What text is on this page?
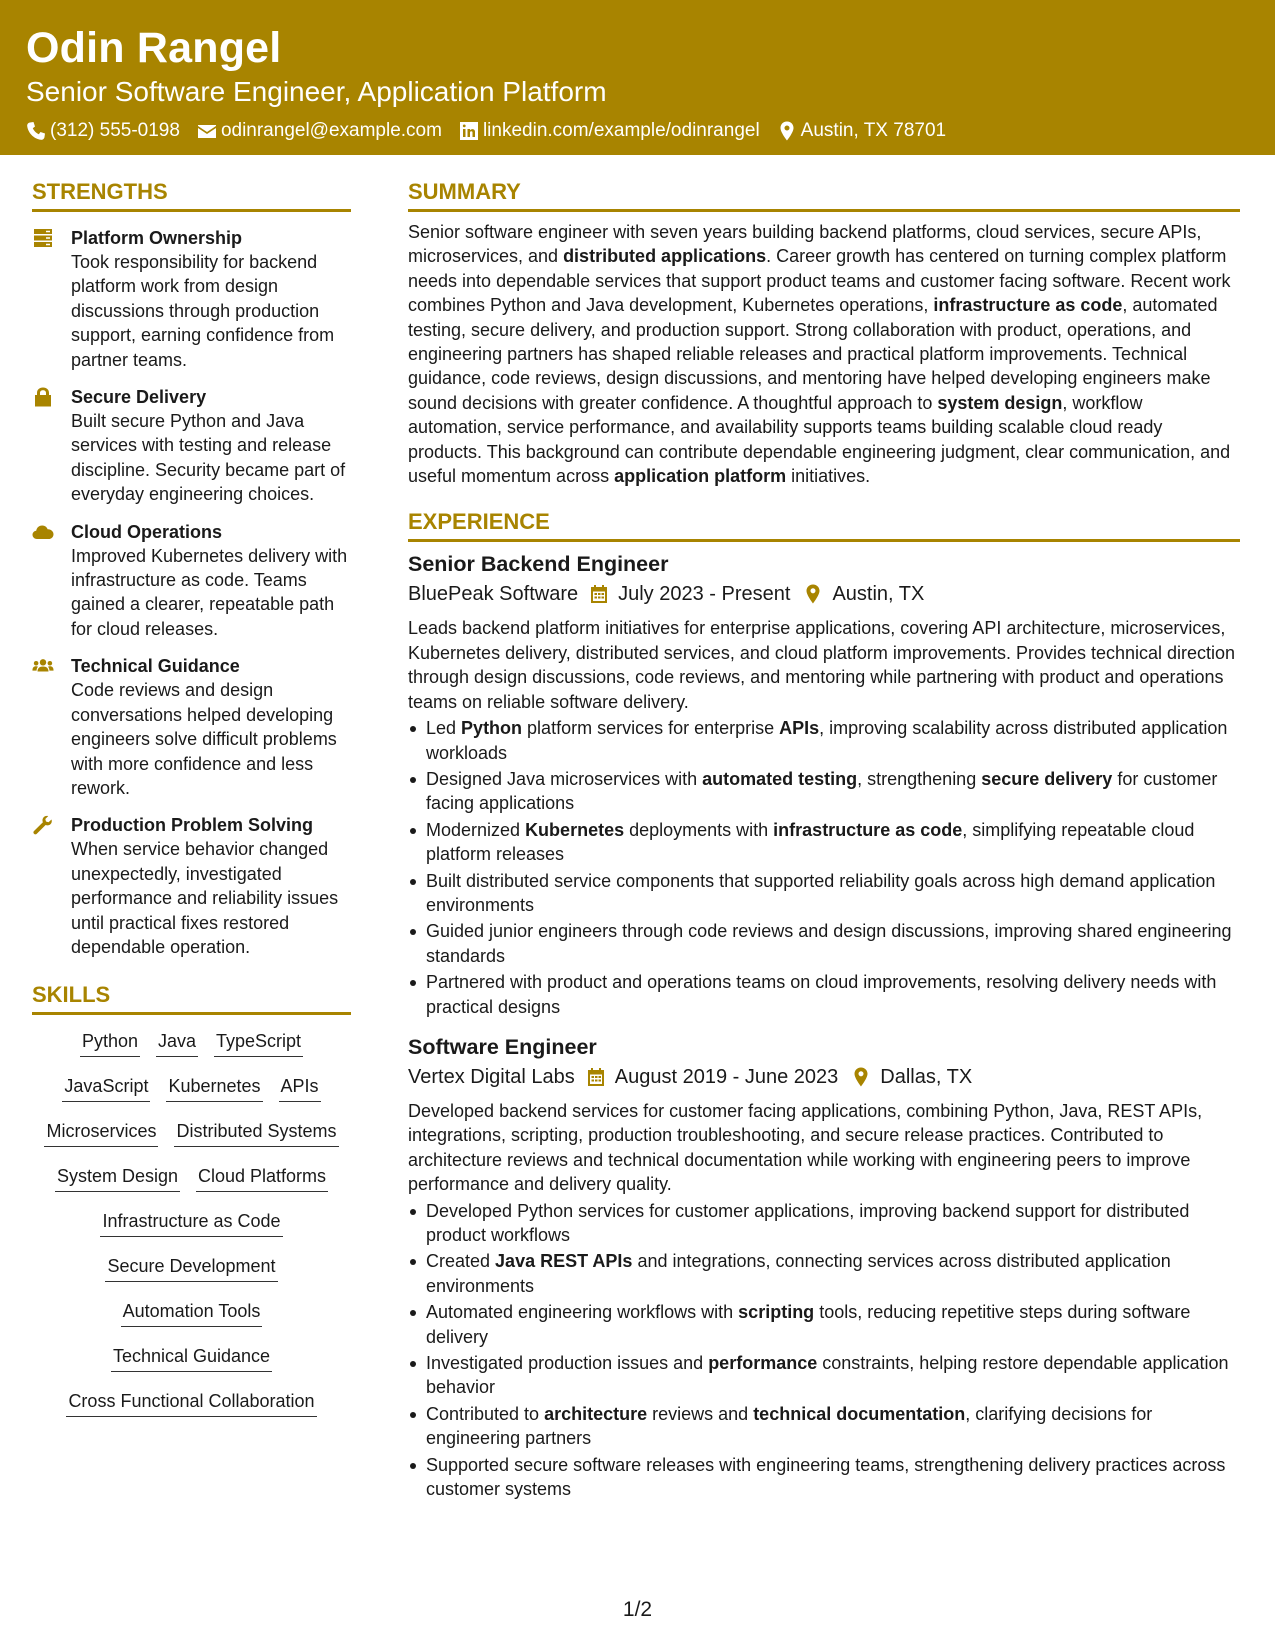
Odin Rangel
Senior Software Engineer, Application Platform
(312) 555-0198 odinrangel@example.com linkedin.com/example/odinrangel Austin, TX 78701
STRENGTHS
Platform Ownership
Took responsibility for backend platform work from design discussions through production support, earning confidence from partner teams.
Secure Delivery
Built secure Python and Java services with testing and release discipline. Security became part of everyday engineering choices.
Cloud Operations
Improved Kubernetes delivery with infrastructure as code. Teams gained a clearer, repeatable path for cloud releases.
Technical Guidance
Code reviews and design conversations helped developing engineers solve difficult problems with more confidence and less rework.
Production Problem Solving
When service behavior changed unexpectedly, investigated performance and reliability issues until practical fixes restored dependable operation.
SKILLS
Python Java TypeScript
JavaScript Kubernetes APIs
Microservices Distributed Systems
System Design Cloud Platforms
Infrastructure as Code
Secure Development
Automation Tools
Technical Guidance
Cross Functional Collaboration
SUMMARY
Senior software engineer with seven years building backend platforms, cloud services, secure APIs, microservices, and distributed applications. Career growth has centered on turning complex platform needs into dependable services that support product teams and customer facing software. Recent work combines Python and Java development, Kubernetes operations, infrastructure as code, automated testing, secure delivery, and production support. Strong collaboration with product, operations, and engineering partners has shaped reliable releases and practical platform improvements. Technical guidance, code reviews, design discussions, and mentoring have helped developing engineers make sound decisions with greater confidence. A thoughtful approach to system design, workflow automation, service performance, and availability supports teams building scalable cloud ready products. This background can contribute dependable engineering judgment, clear communication, and useful momentum across application platform initiatives.
EXPERIENCE
Senior Backend Engineer
BluePeak Software July 2023 - Present Austin, TX
Leads backend platform initiatives for enterprise applications, covering API architecture, microservices, Kubernetes delivery, distributed services, and cloud platform improvements. Provides technical direction through design discussions, code reviews, and mentoring while partnering with product and operations teams on reliable software delivery.
Led Python platform services for enterprise APIs, improving scalability across distributed application workloads
Designed Java microservices with automated testing, strengthening secure delivery for customer facing applications
Modernized Kubernetes deployments with infrastructure as code, simplifying repeatable cloud platform releases
Built distributed service components that supported reliability goals across high demand application environments
Guided junior engineers through code reviews and design discussions, improving shared engineering standards
Partnered with product and operations teams on cloud improvements, resolving delivery needs with practical designs
Software Engineer
Vertex Digital Labs August 2019 - June 2023 Dallas, TX
Developed backend services for customer facing applications, combining Python, Java, REST APIs, integrations, scripting, production troubleshooting, and secure release practices. Contributed to architecture reviews and technical documentation while working with engineering peers to improve performance and delivery quality.
Developed Python services for customer applications, improving backend support for distributed product workflows
Created Java REST APIs and integrations, connecting services across distributed application environments
Automated engineering workflows with scripting tools, reducing repetitive steps during software delivery
Investigated production issues and performance constraints, helping restore dependable application behavior
Contributed to architecture reviews and technical documentation, clarifying decisions for engineering partners
Supported secure software releases with engineering teams, strengthening delivery practices across customer systems
1/2
